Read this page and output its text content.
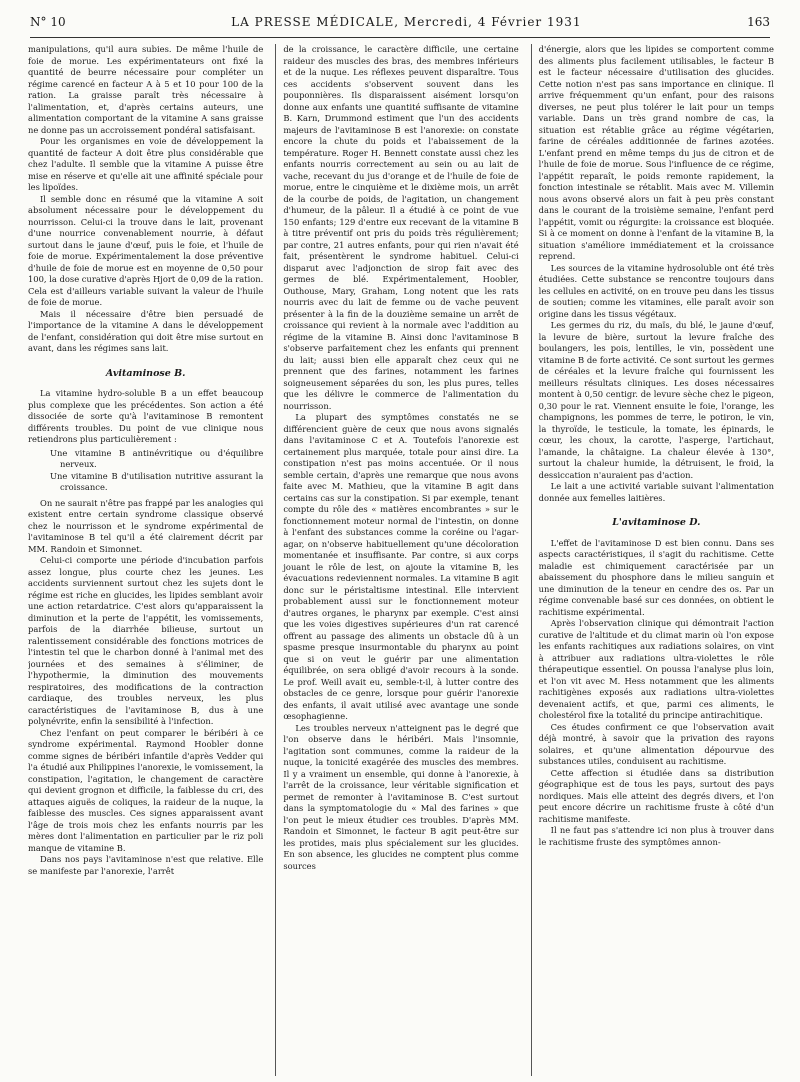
N° 10	LA PRESSE MÉDICALE, Mercredi, 4 Février 1931	163

manipulations, qu'il aura subies. De même l'huile de foie de morue. Les expérimentateurs ont fixé la quantité de beurre nécessaire pour compléter un régime carencé en facteur A à 5 et 10 pour 100 de la ration. La graisse paraît très nécessaire à l'alimentation, et, d'après certains auteurs, une alimentation comportant de la vitamine A sans graisse ne donne pas un accroissement pondéral satisfaisant.

Pour les organismes en voie de développement la quantité de facteur A doit être plus considérable que chez l'adulte. Il semble que la vitamine A puisse être mise en réserve et qu'elle ait une affinité spéciale pour les lipoïdes.

Il semble donc en résumé que la vitamine A soit absolument nécessaire pour le développement du nourrisson. Celui-ci la trouve dans le lait, provenant d'une nourrice convenablement nourrie, à défaut surtout dans le jaune d'œuf, puis le foie, et l'huile de foie de morue. Expérimentalement la dose préventive d'huile de foie de morue est en moyenne de 0,50 pour 100, la dose curative d'après Hjort de 0,09 de la ration. Cela est d'ailleurs variable suivant la valeur de l'huile de foie de morue.

Mais il nécessaire d'être bien persuadé de l'importance de la vitamine A dans le développement de l'enfant, considération qui doit être mise surtout en avant, dans les régimes sans lait.

Avitaminose B.

La vitamine hydro-soluble B a un effet beaucoup plus complexe que les précédentes. Son action a été dissociée de sorte qu'à l'avitaminose B remontent différents troubles. Du point de vue clinique nous retiendrons plus particulièrement :

Une vitamine B antinévritique ou d'équilibre nerveux.
Une vitamine B d'utilisation nutritive assurant la croissance.

On ne saurait n'être pas frappé par les analogies qui existent entre certain syndrome classique observé chez le nourrisson et le syndrome expérimental de l'avitaminose B tel qu'il a été clairement décrit par MM. Randoin et Simonnet.

Celui-ci comporte une période d'incubation parfois assez longue, plus courte chez les jeunes. Les accidents surviennent surtout chez les sujets dont le régime est riche en glucides, les lipides semblant avoir une action retardatrice. C'est alors qu'apparaissent la diminution et la perte de l'appétit, les vomissements, parfois de la diarrhée bilieuse, surtout un ralentissement considérable des fonctions motrices de l'intestin tel que le charbon donné à l'animal met des journées et des semaines à s'éliminer, de l'hypothermie, la diminution des mouvements respiratoires, des modifications de la contraction cardiaque, des troubles nerveux, les plus caractéristiques de l'avitaminose B, dus à une polynévrite, enfin la sensibilité à l'infection.

Chez l'enfant on peut comparer le béribéri à ce syndrome expérimental. Raymond Hoobler donne comme signes de béribéri infantile d'après Vedder qui l'a étudié aux Philippines l'anorexie, le vomissement, la constipation, l'agitation, le changement de caractère qui devient grognon et difficile, la faiblesse du cri, des attaques aiguës de coliques, la raideur de la nuque, la faiblesse des muscles. Ces signes apparaissent avant l'âge de trois mois chez les enfants nourris par les mères dont l'alimentation en particulier par le riz poli manque de vitamine B.

Dans nos pays l'avitaminose n'est que relative. Elle se manifeste par l'anorexie, l'arrêt

de la croissance, le caractère difficile, une certaine raideur des muscles des bras, des membres inférieurs et de la nuque. Les réflexes peuvent disparaître. Tous ces accidents s'observent souvent dans les pouponnières. Ils disparaissent aisément lorsqu'on donne aux enfants une quantité suffisante de vitamine B. Karn, Drummond estiment que l'un des accidents majeurs de l'avitaminose B est l'anorexie: on constate encore la chute du poids et l'abaissement de la température. Roger H. Bennett constate aussi chez les enfants nourris correctement au sein ou au lait de vache, recevant du jus d'orange et de l'huile de foie de morue, entre le cinquième et le dixième mois, un arrêt de la courbe de poids, de l'agitation, un changement d'humeur, de la pâleur. Il a étudié à ce point de vue 150 enfants; 129 d'entre eux recevant de la vitamine B à titre préventif ont pris du poids très régulièrement; par contre, 21 autres enfants, pour qui rien n'avait été fait, présentèrent le syndrome habituel. Celui-ci disparut avec l'adjonction de sirop fait avec des germes de blé. Expérimentalement, Hoobler, Outhouse, Mary, Graham, Long notent que les rats nourris avec du lait de femme ou de vache peuvent présenter à la fin de la douzième semaine un arrêt de croissance qui revient à la normale avec l'addition au régime de la vitamine B. Ainsi donc l'avitaminose B s'observe parfaitement chez les enfants qui prennent du lait; aussi bien elle apparaît chez ceux qui ne prennent que des farines, notamment les farines soigneusement séparées du son, les plus pures, telles que les délivre le commerce de l'alimentation du nourrisson.

La plupart des symptômes constatés ne se différencient guère de ceux que nous avons signalés dans l'avitaminose C et A. Toutefois l'anorexie est certainement plus marquée, totale pour ainsi dire. La constipation n'est pas moins accentuée. Or il nous semble certain, d'après une remarque que nous avons faite avec M. Mathieu, que la vitamine B agit dans certains cas sur la constipation. Si par exemple, tenant compte du rôle des « matières encombrantes » sur le fonctionnement moteur normal de l'intestin, on donne à l'enfant des substances comme la coréine ou l'agar-agar, on n'observe habituellement qu'une décoloration momentanée et insuffisante. Par contre, si aux corps jouant le rôle de lest, on ajoute la vitamine B, les évacuations redeviennent normales. La vitamine B agit donc sur le péristaltisme intestinal. Elle intervient probablement aussi sur le fonctionnement moteur d'autres organes, le pharynx par exemple. C'est ainsi que les voies digestives supérieures d'un rat carencé offrent au passage des aliments un obstacle dû à un spasme presque insurmontable du pharynx au point que si on veut le guérir par une alimentation équilibrée, on sera obligé d'avoir recours à la sonde. Le prof. Weill avait eu, semble-t-il, à lutter contre des obstacles de ce genre, lorsque pour guérir l'anorexie des enfants, il avait utilisé avec avantage une sonde œsophagienne.

Les troubles nerveux n'atteignent pas le degré que l'on observe dans le héribéri. Mais l'insomnie, l'agitation sont communes, comme la raideur de la nuque, la tonicité exagérée des muscles des membres. Il y a vraiment un ensemble, qui donne à l'anorexie, à l'arrêt de la croissance, leur véritable signification et permet de remonter à l'avitaminose B. C'est surtout dans la symptomatologie du « Mal des farines » que l'on peut le mieux étudier ces troubles. D'après MM. Randoin et Simonnet, le facteur B agit peut-être sur les protides, mais plus spécialement sur les glucides. En son absence, les glucides ne comptent plus comme sources

d'énergie, alors que les lipides se comportent comme des aliments plus facilement utilisables, le facteur B est le facteur nécessaire d'utilisation des glucides. Cette notion n'est pas sans importance en clinique. Il arrive fréquemment qu'un enfant, pour des raisons diverses, ne peut plus tolérer le lait pour un temps variable. Dans un très grand nombre de cas, la situation est rétablie grâce au régime végétarien, farine de céréales additionnée de farines azotées. L'enfant prend en même temps du jus de citron et de l'huile de foie de morue. Sous l'influence de ce régime, l'appétit reparaît, le poids remonte rapidement, la fonction intestinale se rétablit. Mais avec M. Villemin nous avons observé alors un fait à peu près constant dans le courant de la troisième semaine, l'enfant perd l'appétit, vomit ou régurgite: la croissance est bloquée. Si à ce moment on donne à l'enfant de la vitamine B, la situation s'améliore immédiatement et la croissance reprend.

Les sources de la vitamine hydrosoluble ont été très étudiées. Cette substance se rencontre toujours dans les cellules en activité, on en trouve peu dans les tissus de soutien; comme les vitamines, elle paraît avoir son origine dans les tissus végétaux.

Les germes du riz, du maïs, du blé, le jaune d'œuf, la levure de bière, surtout la levure fraîche des boulangers, les pois, lentilles, le vin, possèdent une vitamine B de forte activité. Ce sont surtout les germes de céréales et la levure fraîche qui fournissent les meilleurs résultats cliniques. Les doses nécessaires montent à 0,50 centigr. de levure sèche chez le pigeon, 0,30 pour le rat. Viennent ensuite le foie, l'orange, les champignons, les pommes de terre, le potiron, le vin, la thyroïde, le testicule, la tomate, les épinards, le cœur, les choux, la carotte, l'asperge, l'artichaut, l'amande, la châtaigne. La chaleur élevée à 130°, surtout la chaleur humide, la détruisent, le froid, la dessiccation n'auraient pas d'action.

Le lait a une activité variable suivant l'alimentation donnée aux femelles laitières.

L'avitaminose D.

L'effet de l'avitaminose D est bien connu. Dans ses aspects caractéristiques, il s'agit du rachitisme. Cette maladie est chimiquement caractérisée par un abaissement du phosphore dans le milieu sanguin et une diminution de la teneur en cendre des os. Par un régime convenable basé sur ces données, on obtient le rachitisme expérimental.

Après l'observation clinique qui démontrait l'action curative de l'altitude et du climat marin où l'on expose les enfants rachitiques aux radiations solaires, on vint à attribuer aux radiations ultra-violettes le rôle thérapeutique essentiel. On poussa l'analyse plus loin, et l'on vit avec M. Hess notamment que les aliments rachitigènes exposés aux radiations ultra-violettes devenaient actifs, et que, parmi ces aliments, le cholestérol fixe la totalité du principe antirachitique.

Ces études confirment ce que l'observation avait déjà montré, à savoir que la privation des rayons solaires, et qu'une alimentation dépourvue des substances utiles, conduisent au rachitisme.

Cette affection si étudiée dans sa distribution géographique est de tous les pays, surtout des pays nordiques. Mais elle atteint des degrés divers, et l'on peut encore décrire un rachitisme fruste à côté d'un rachitisme manifeste.

Il ne faut pas s'attendre ici non plus à trouver dans le rachitisme fruste des symptômes annon-
